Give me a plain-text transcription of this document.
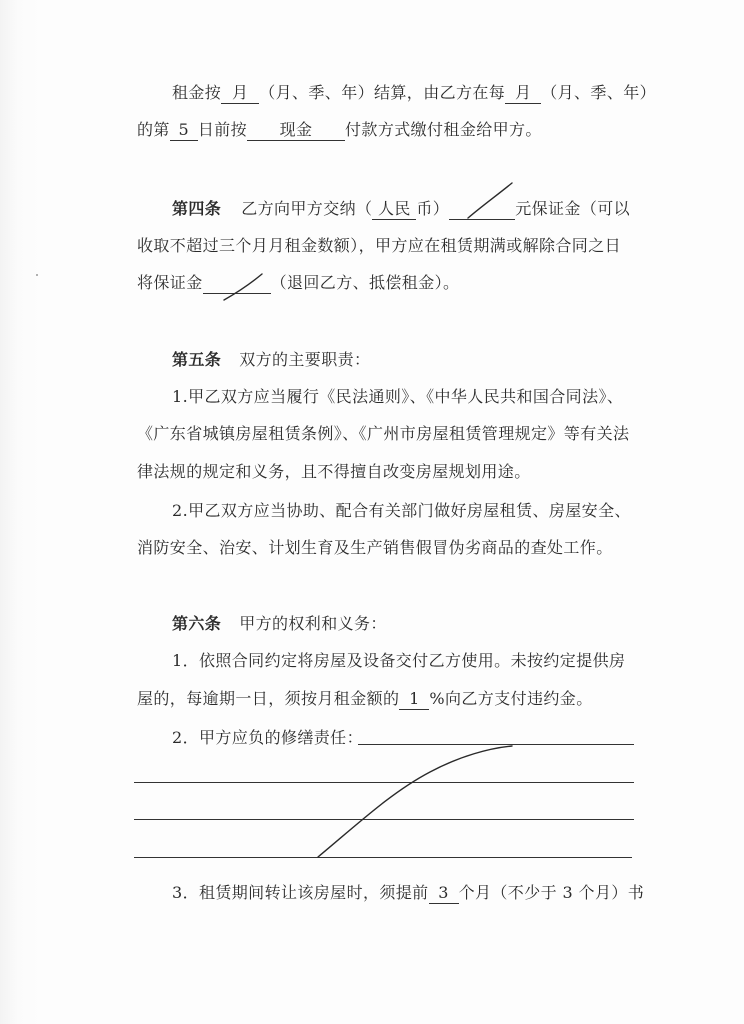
租金按 月 （月、季、年）结算，由乙方在每 月 （月、季、年）
的第 5 日前按 现金 付款方式缴付租金给甲方。
第四条 乙方向甲方交纳（ 人民 币）	元保证金（可以
收取不超过三个月月租金数额），甲方应在租赁期满或解除合同之日
将保证金	（退回乙方、抵偿租金）。
第五条 双方的主要职责：
1.甲乙双方应当履行《民法通则》、《中华人民共和国合同法》、
《广东省城镇房屋租赁条例》、《广州市房屋租赁管理规定》等有关法
律法规的规定和义务，且不得擅自改变房屋规划用途。
2.甲乙双方应当协助、配合有关部门做好房屋租赁、房屋安全、
消防安全、治安、计划生育及生产销售假冒伪劣商品的查处工作。
第六条 甲方的权利和义务：
1．依照合同约定将房屋及设备交付乙方使用。未按约定提供房
屋的，每逾期一日，须按月租金额的 1 %向乙方支付违约金。
2．甲方应负的修缮责任：
3．租赁期间转让该房屋时，须提前 3 个月（不少于 3 个月）书
